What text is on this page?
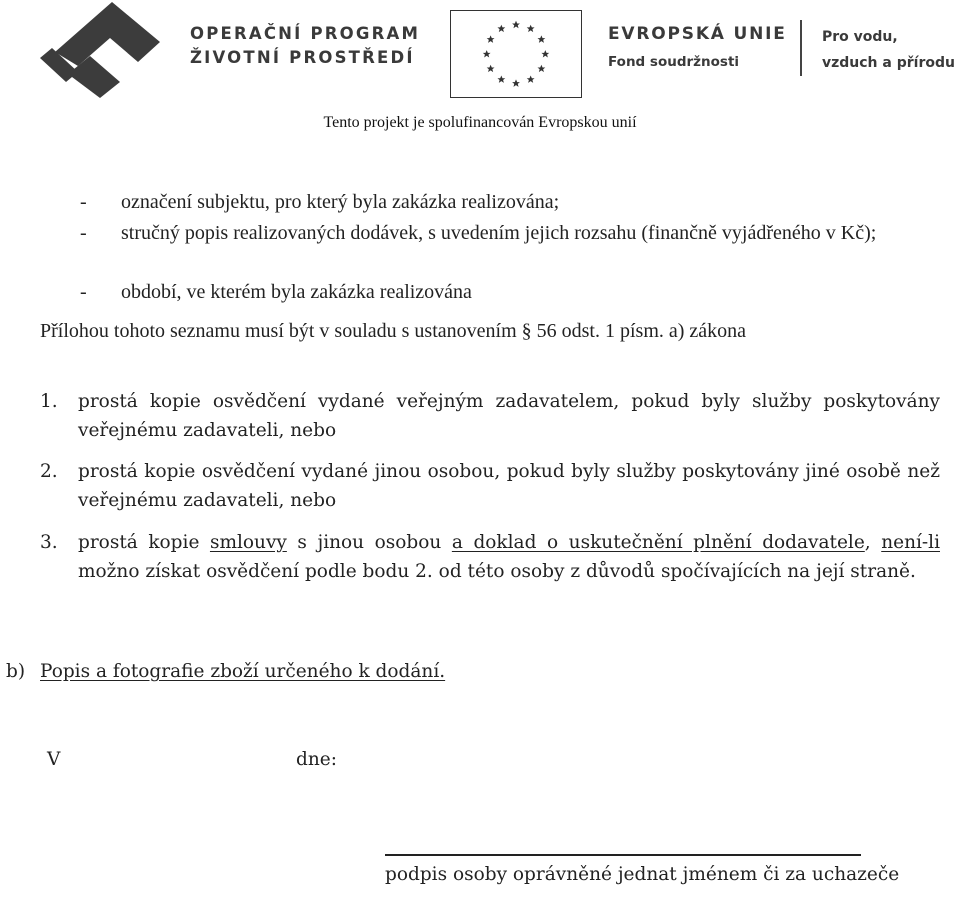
OPERAČNÍ PROGRAM
ŽIVOTNÍ PROSTŘEDÍ
EVROPSKÁ UNIE
Fond soudržnosti
Pro vodu,
vzduch a přírodu
Tento projekt je spolufinancován Evropskou unií
- označení subjektu, pro který byla zakázka realizována;
- stručný popis realizovaných dodávek, s uvedením jejich rozsahu (finančně vyjádřeného v Kč);
- období, ve kterém byla zakázka realizována
Přílohou tohoto seznamu musí být v souladu s ustanovením § 56 odst. 1 písm. a) zákona
1. prostá kopie osvědčení vydané veřejným zadavatelem, pokud byly služby poskytovány veřejnému zadavateli, nebo
2. prostá kopie osvědčení vydané jinou osobou, pokud byly služby poskytovány jiné osobě než veřejnému zadavateli, nebo
3. prostá kopie smlouvy s jinou osobou a doklad o uskutečnění plnění dodavatele, není-li možno získat osvědčení podle bodu 2. od této osoby z důvodů spočívajících na její straně.
b) Popis a fotografie zboží určeného k dodání.
V	dne:
podpis osoby oprávněné jednat jménem či za uchazeče
